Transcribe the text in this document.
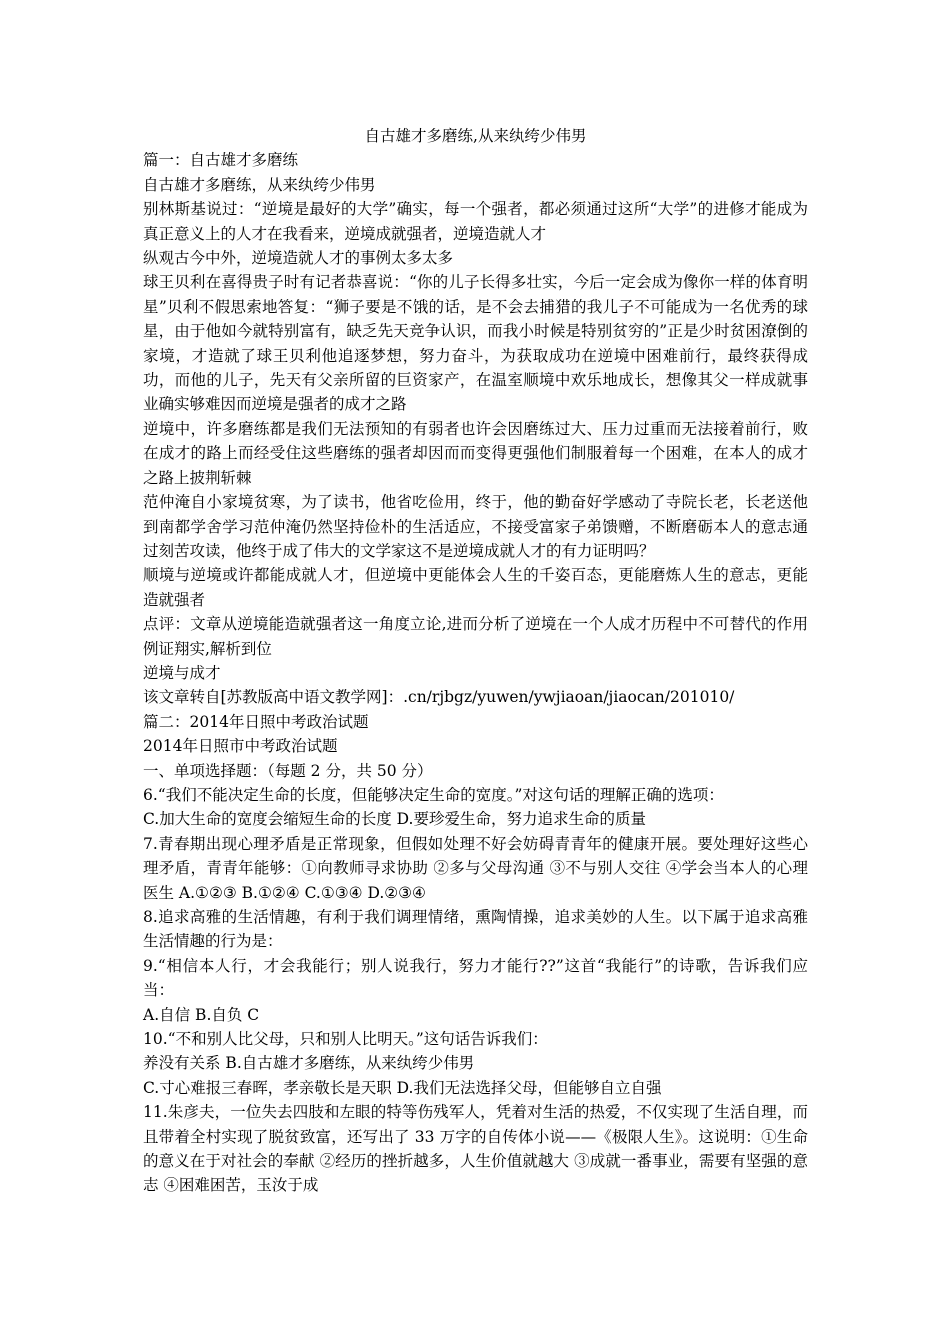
自古雄才多磨练,从来纨绔少伟男

篇一：自古雄才多磨练

自古雄才多磨练，从来纨绔少伟男

别林斯基说过：“逆境是最好的大学”确实，每一个强者，都必须通过这所“大学”的进修才能成为真正意义上的人才在我看来，逆境成就强者，逆境造就人才

纵观古今中外，逆境造就人才的事例太多太多

球王贝利在喜得贵子时有记者恭喜说：“你的儿子长得多壮实，今后一定会成为像你一样的体育明星”贝利不假思索地答复：“狮子要是不饿的话，是不会去捕猎的我儿子不可能成为一名优秀的球星，由于他如今就特别富有，缺乏先天竞争认识，而我小时候是特别贫穷的”正是少时贫困潦倒的家境，才造就了球王贝利他追逐梦想，努力奋斗，为获取成功在逆境中困难前行，最终获得成功，而他的儿子，先天有父亲所留的巨资家产，在温室顺境中欢乐地成长，想像其父一样成就事业确实够难因而逆境是强者的成才之路

逆境中，许多磨练都是我们无法预知的有弱者也许会因磨练过大、压力过重而无法接着前行，败在成才的路上而经受住这些磨练的强者却因而而变得更强他们制服着每一个困难，在本人的成才之路上披荆斩棘

范仲淹自小家境贫寒，为了读书，他省吃俭用，终于，他的勤奋好学感动了寺院长老，长老送他到南都学舍学习范仲淹仍然坚持俭朴的生活适应，不接受富家子弟馈赠，不断磨砺本人的意志通过刻苦攻读，他终于成了伟大的文学家这不是逆境成就人才的有力证明吗？

顺境与逆境或许都能成就人才，但逆境中更能体会人生的千姿百态，更能磨炼人生的意志，更能造就强者

点评：文章从逆境能造就强者这一角度立论,进而分析了逆境在一个人成才历程中不可替代的作用例证翔实,解析到位

逆境与成才

该文章转自[苏教版高中语文教学网]：.cn/rjbgz/yuwen/ywjiaoan/jiaocan/201010/

篇二：2014年日照中考政治试题

2014年日照市中考政治试题

一、单项选择题：（每题 2 分，共 50 分）

6.“我们不能决定生命的长度，但能够决定生命的宽度。”对这句话的理解正确的选项：

C.加大生命的宽度会缩短生命的长度 D.要珍爱生命，努力追求生命的质量

7.青春期出现心理矛盾是正常现象，但假如处理不好会妨碍青青年的健康开展。要处理好这些心理矛盾，青青年能够：①向教师寻求协助 ②多与父母沟通 ③不与别人交往 ④学会当本人的心理医生 A.①②③ B.①②④ C.①③④ D.②③④

8.追求高雅的生活情趣，有利于我们调理情绪，熏陶情操，追求美妙的人生。以下属于追求高雅生活情趣的行为是：

9.“相信本人行，才会我能行；别人说我行，努力才能行??”这首“我能行”的诗歌，告诉我们应当：

A.自信 B.自负 C

10.“不和别人比父母，只和别人比明天。”这句话告诉我们：

养没有关系 B.自古雄才多磨练，从来纨绔少伟男

C.寸心难报三春晖，孝亲敬长是天职 D.我们无法选择父母，但能够自立自强

11.朱彦夫，一位失去四肢和左眼的特等伤残军人，凭着对生活的热爱，不仅实现了生活自理，而且带着全村实现了脱贫致富，还写出了 33 万字的自传体小说——《极限人生》。这说明：①生命的意义在于对社会的奉献 ②经历的挫折越多，人生价值就越大 ③成就一番事业，需要有坚强的意志 ④困难困苦，玉汝于成
